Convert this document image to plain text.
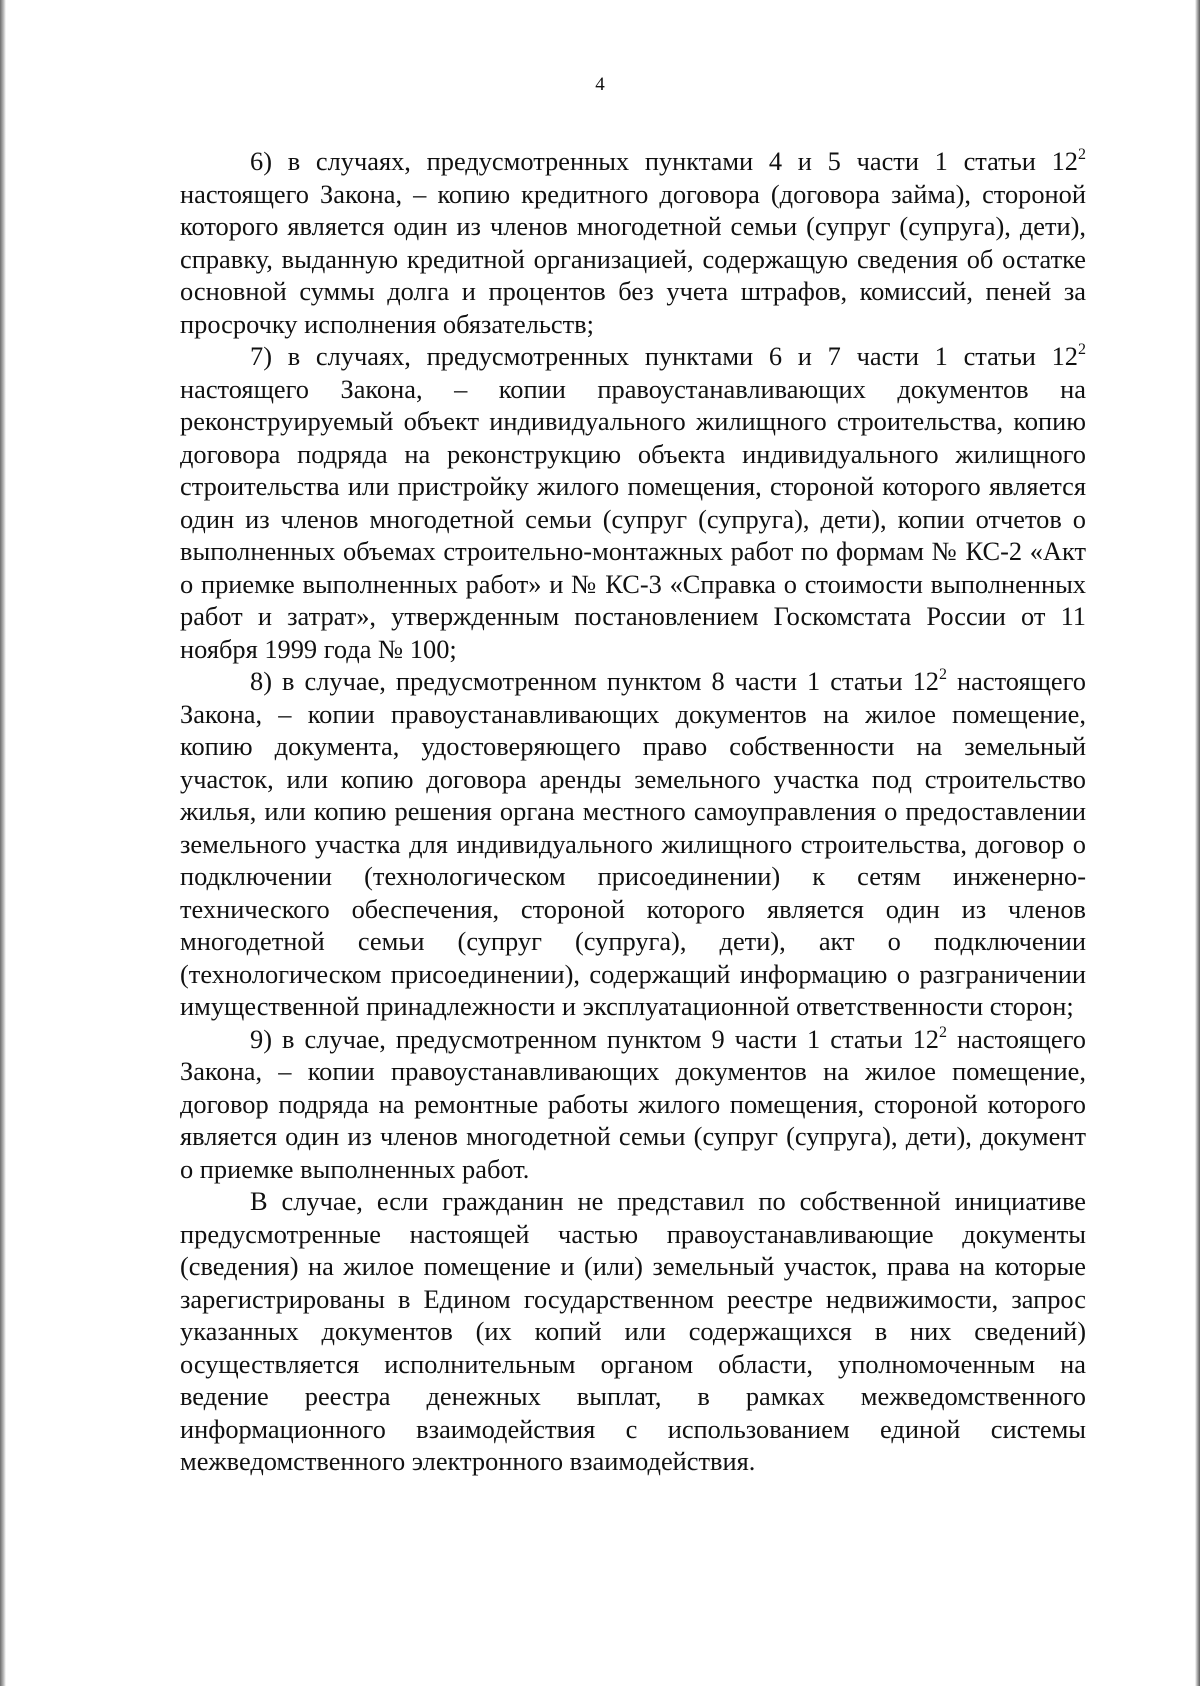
4

6) в случаях, предусмотренных пунктами 4 и 5 части 1 статьи $12^2$ настоящего Закона, – копию кредитного договора (договора займа), стороной которого является один из членов многодетной семьи (супруг (супруга), дети), справку, выданную кредитной организацией, содержащую сведения об остатке основной суммы долга и процентов без учета штрафов, комиссий, пеней за просрочку исполнения обязательств;

7) в случаях, предусмотренных пунктами 6 и 7 части 1 статьи $12^2$ настоящего Закона, – копии правоустанавливающих документов на реконструируемый объект индивидуального жилищного строительства, копию договора подряда на реконструкцию объекта индивидуального жилищного строительства или пристройку жилого помещения, стороной которого является один из членов многодетной семьи (супруг (супруга), дети), копии отчетов о выполненных объемах строительно-монтажных работ по формам № КС-2 «Акт о приемке выполненных работ» и № КС-3 «Справка о стоимости выполненных работ и затрат», утвержденным постановлением Госкомстата России от 11 ноября 1999 года № 100;

8) в случае, предусмотренном пунктом 8 части 1 статьи $12^2$ настоящего Закона, – копии правоустанавливающих документов на жилое помещение, копию документа, удостоверяющего право собственности на земельный участок, или копию договора аренды земельного участка под строительство жилья, или копию решения органа местного самоуправления о предоставлении земельного участка для индивидуального жилищного строительства, договор о подключении (технологическом присоединении) к сетям инженерно-технического обеспечения, стороной которого является один из членов многодетной семьи (супруг (супруга), дети), акт о подключении (технологическом присоединении), содержащий информацию о разграничении имущественной принадлежности и эксплуатационной ответственности сторон;

9) в случае, предусмотренном пунктом 9 части 1 статьи $12^2$ настоящего Закона, – копии правоустанавливающих документов на жилое помещение, договор подряда на ремонтные работы жилого помещения, стороной которого является один из членов многодетной семьи (супруг (супруга), дети), документ о приемке выполненных работ.

В случае, если гражданин не представил по собственной инициативе предусмотренные настоящей частью правоустанавливающие документы (сведения) на жилое помещение и (или) земельный участок, права на которые зарегистрированы в Едином государственном реестре недвижимости, запрос указанных документов (их копий или содержащихся в них сведений) осуществляется исполнительным органом области, уполномоченным на ведение реестра денежных выплат, в рамках межведомственного информационного взаимодействия с использованием единой системы межведомственного электронного взаимодействия.
